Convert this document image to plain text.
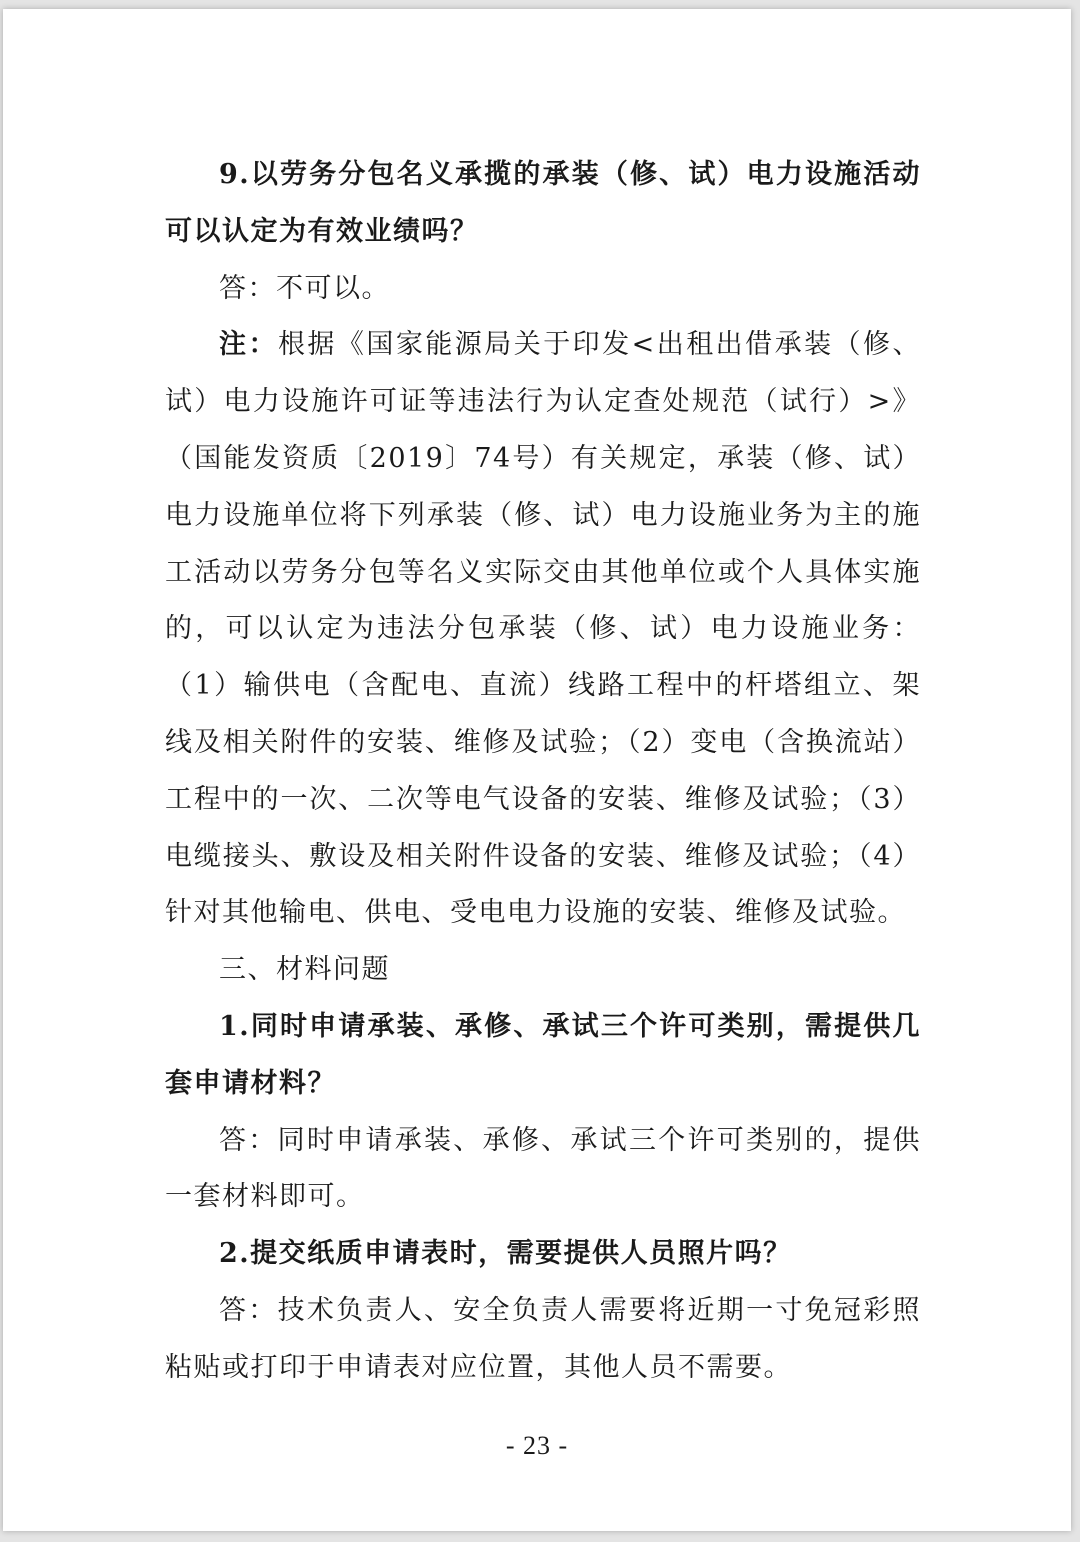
9.以劳务分包名义承揽的承装（修、试）电力设施活动可以认定为有效业绩吗？

答：不可以。

注：根据《国家能源局关于印发<出租出借承装（修、试）电力设施许可证等违法行为认定查处规范（试行）>》（国能发资质〔2019〕74号）有关规定，承装（修、试）电力设施单位将下列承装（修、试）电力设施业务为主的施工活动以劳务分包等名义实际交由其他单位或个人具体实施的，可以认定为违法分包承装（修、试）电力设施业务：（1）输供电（含配电、直流）线路工程中的杆塔组立、架线及相关附件的安装、维修及试验；（2）变电（含换流站）工程中的一次、二次等电气设备的安装、维修及试验；（3）电缆接头、敷设及相关附件设备的安装、维修及试验；（4）针对其他输电、供电、受电电力设施的安装、维修及试验。

三、材料问题

1.同时申请承装、承修、承试三个许可类别，需提供几套申请材料？

答：同时申请承装、承修、承试三个许可类别的，提供一套材料即可。

2.提交纸质申请表时，需要提供人员照片吗？

答：技术负责人、安全负责人需要将近期一寸免冠彩照粘贴或打印于申请表对应位置，其他人员不需要。

- 23 -
